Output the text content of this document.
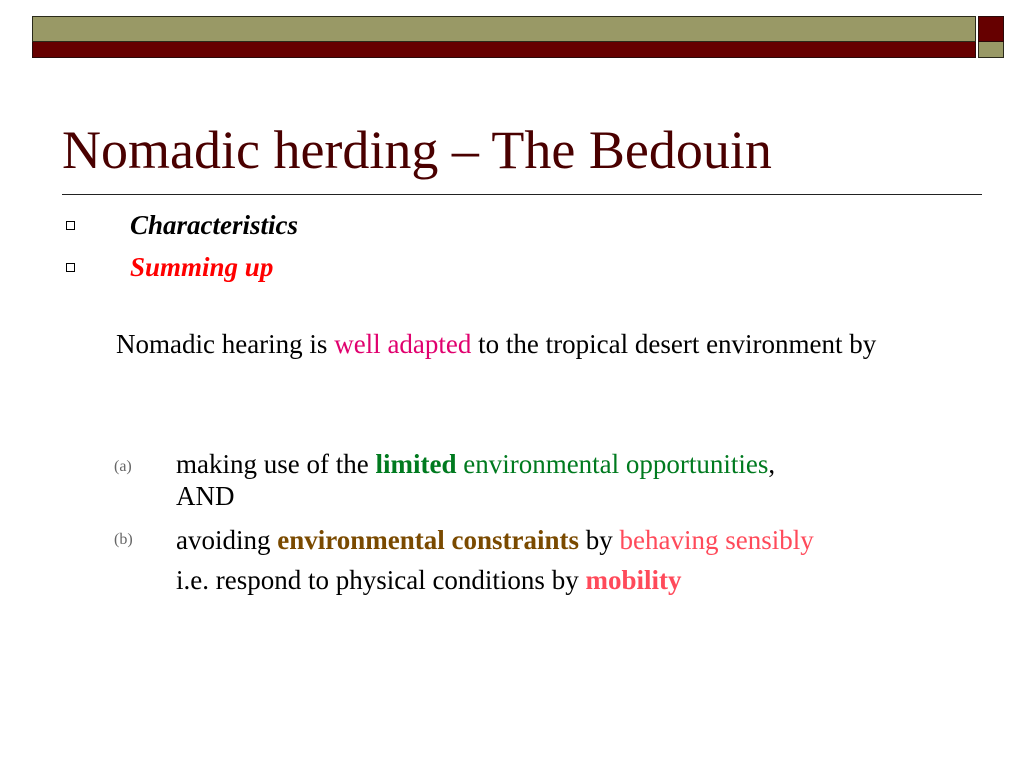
Nomadic herding – The Bedouin
Characteristics
Summing up

Nomadic hearing is well adapted to the tropical desert environment by

(a) making use of the limited environmental opportunities,
AND

(b) avoiding environmental constraints by behaving sensibly
i.e. respond to physical conditions by mobility
